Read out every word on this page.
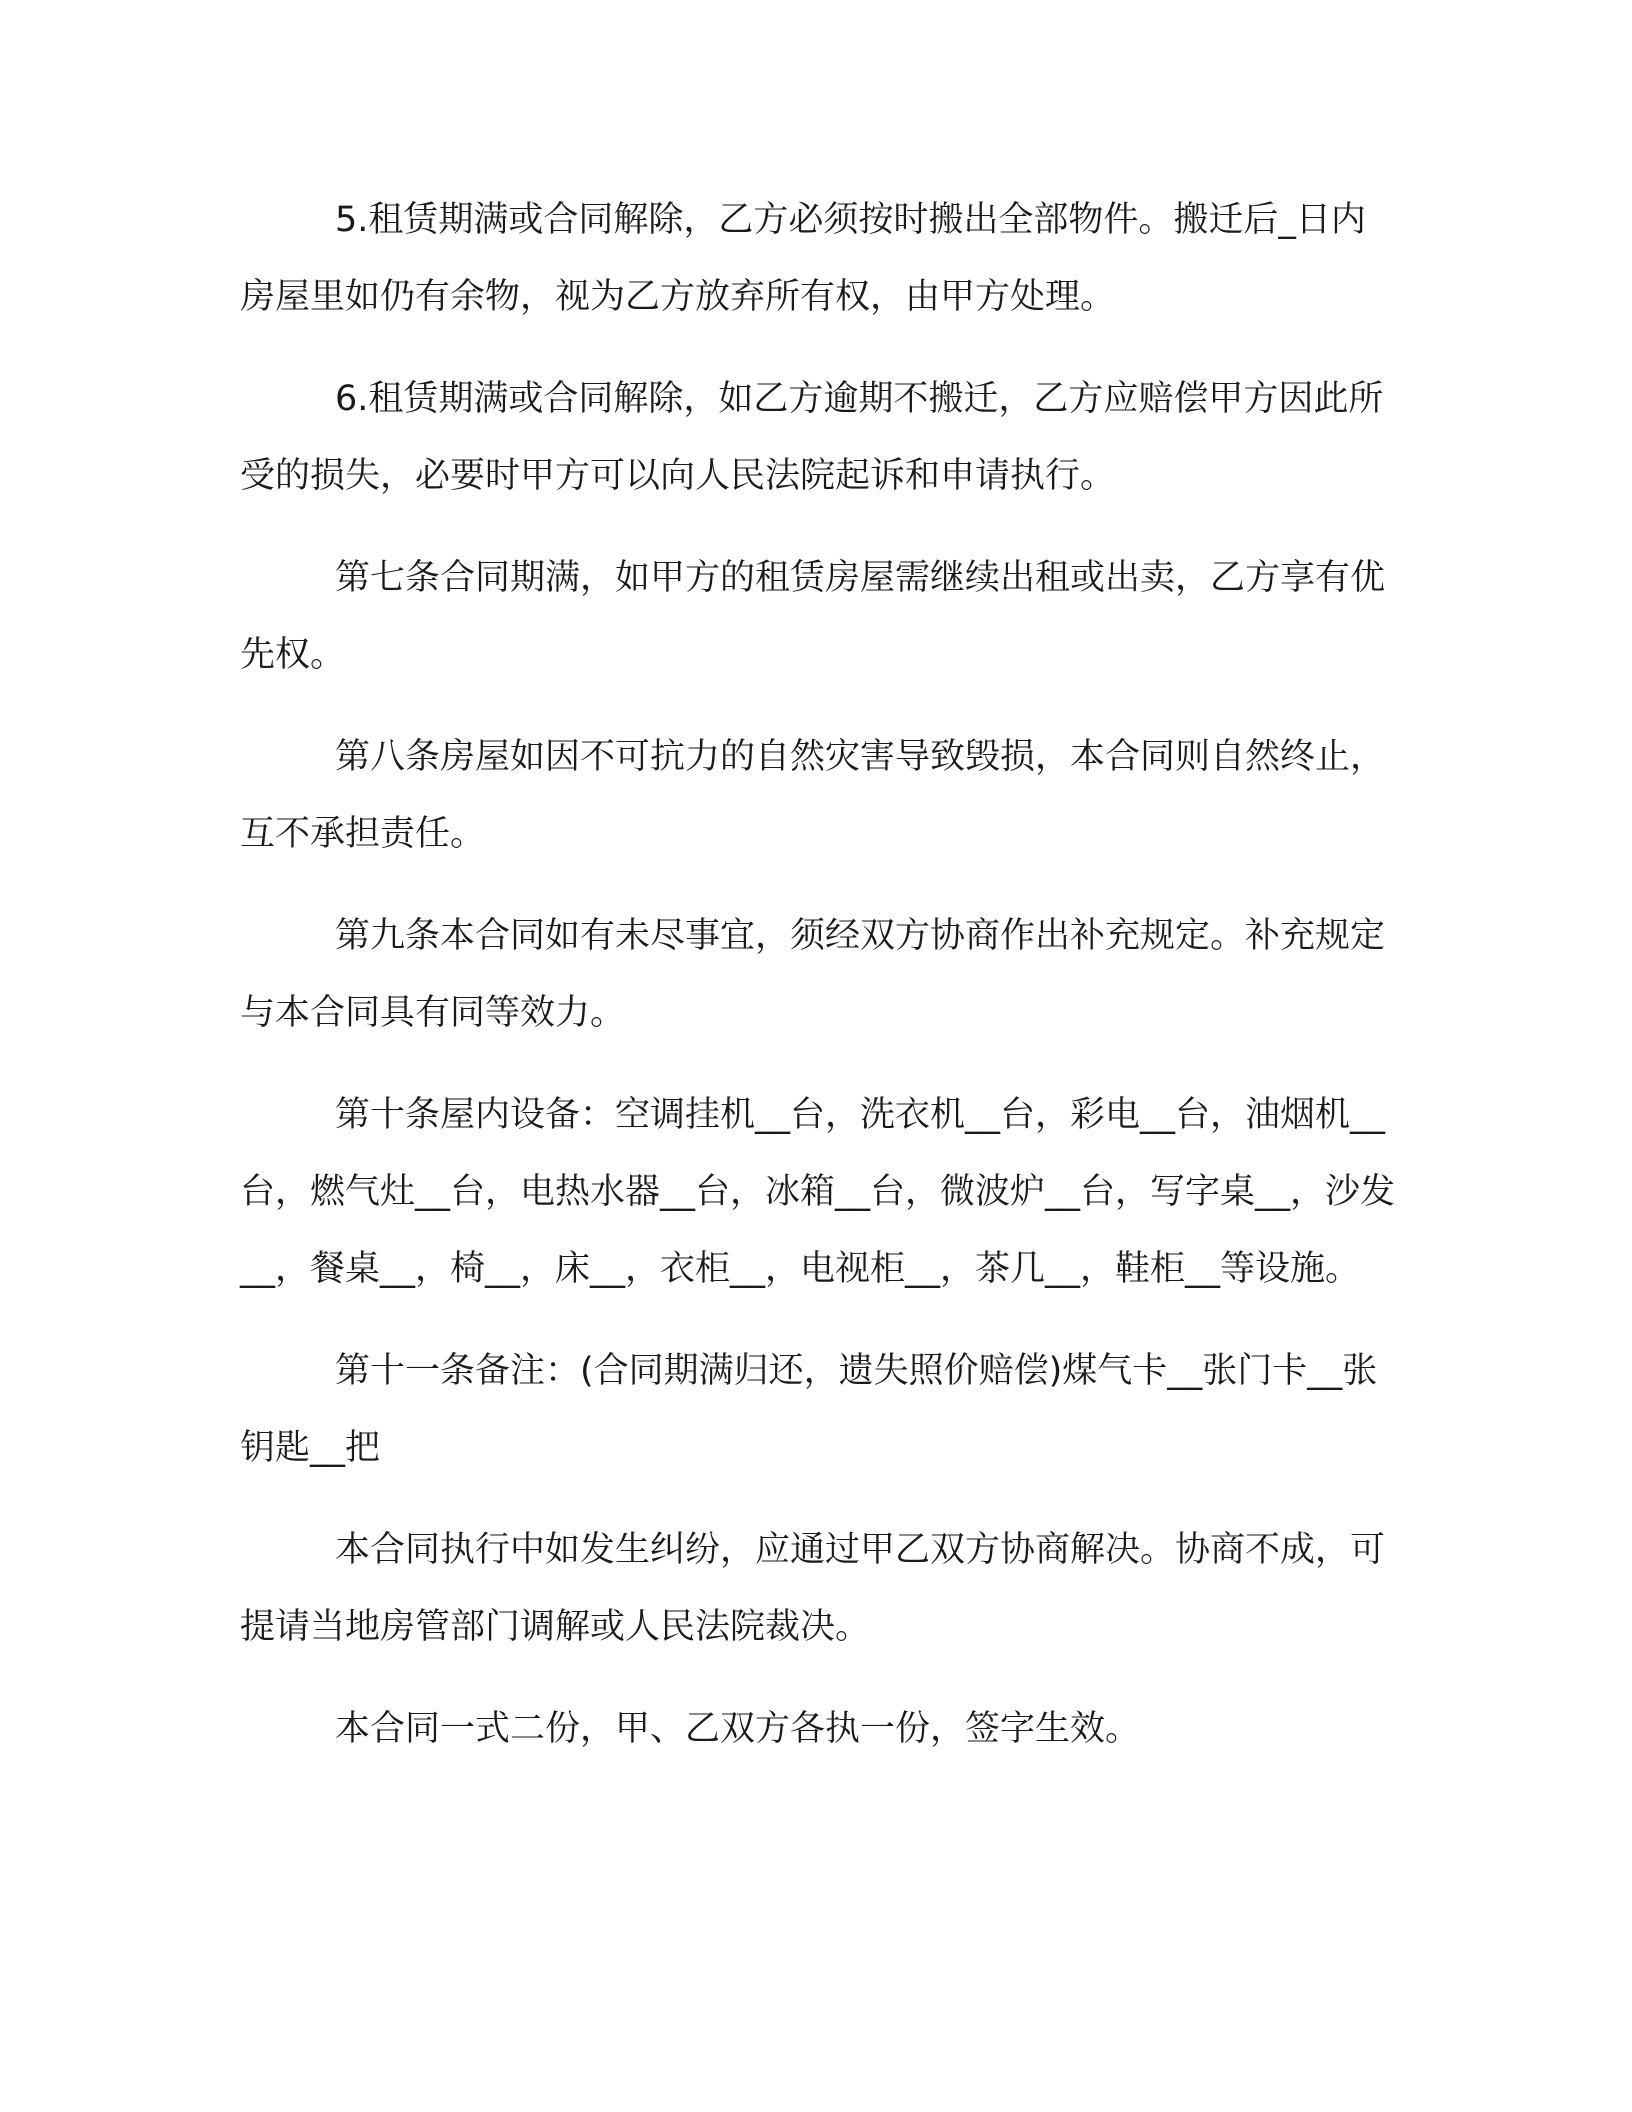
5.租赁期满或合同解除，乙方必须按时搬出全部物件。搬迁后_日内房屋里如仍有余物，视为乙方放弃所有权，由甲方处理。

6.租赁期满或合同解除，如乙方逾期不搬迁，乙方应赔偿甲方因此所受的损失，必要时甲方可以向人民法院起诉和申请执行。

第七条合同期满，如甲方的租赁房屋需继续出租或出卖，乙方享有优先权。

第八条房屋如因不可抗力的自然灾害导致毁损，本合同则自然终止，互不承担责任。

第九条本合同如有未尽事宜，须经双方协商作出补充规定。补充规定与本合同具有同等效力。

第十条屋内设备：空调挂机__台，洗衣机__台，彩电__台，油烟机__台，燃气灶__台，电热水器__台，冰箱__台，微波炉__台，写字桌__，沙发__，餐桌__，椅__，床__，衣柜__，电视柜__，茶几__，鞋柜__等设施。

第十一条备注：(合同期满归还，遗失照价赔偿)煤气卡__张门卡__张钥匙__把

本合同执行中如发生纠纷，应通过甲乙双方协商解决。协商不成，可提请当地房管部门调解或人民法院裁决。

本合同一式二份，甲、乙双方各执一份，签字生效。
